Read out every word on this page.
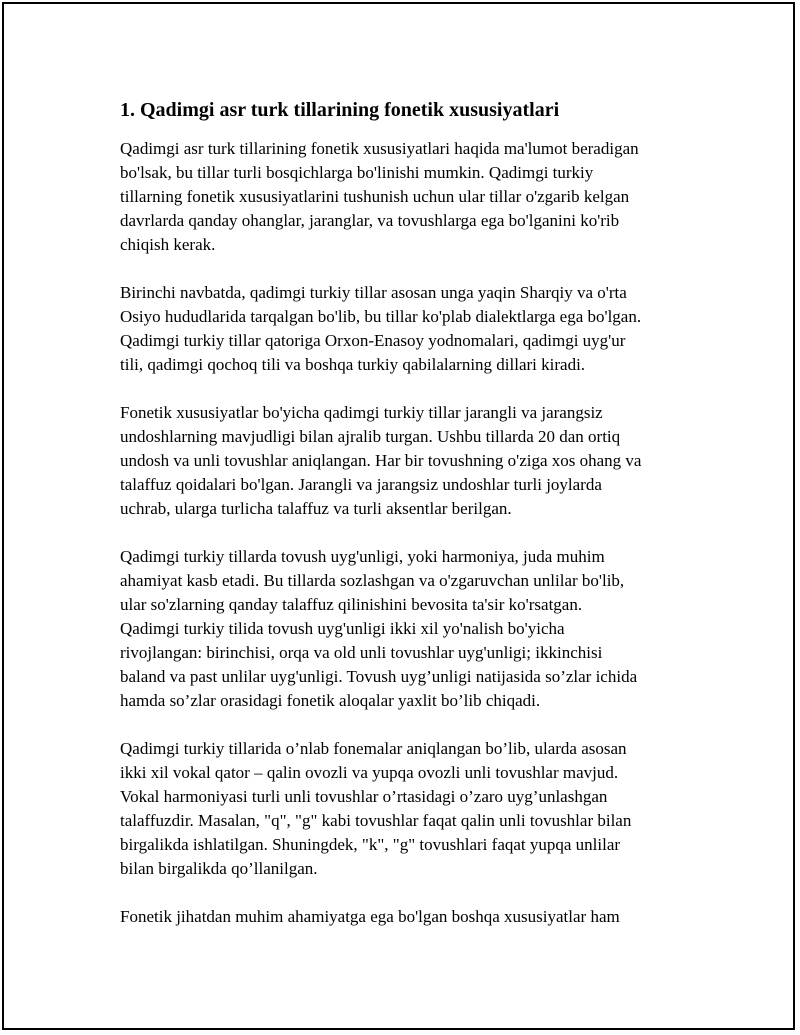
1. Qadimgi asr turk tillarining fonetik xususiyatlari
Qadimgi asr turk tillarining fonetik xususiyatlari haqida ma'lumot beradigan
bo'lsak, bu tillar turli bosqichlarga bo'linishi mumkin. Qadimgi turkiy
tillarning fonetik xususiyatlarini tushunish uchun ular tillar o'zgarib kelgan
davrlarda qanday ohanglar, jaranglar, va tovushlarga ega bo'lganini ko'rib
chiqish kerak.
Birinchi navbatda, qadimgi turkiy tillar asosan unga yaqin Sharqiy va o'rta
Osiyo hududlarida tarqalgan bo'lib, bu tillar ko'plab dialektlarga ega bo'lgan.
Qadimgi turkiy tillar qatoriga Orxon-Enasoy yodnomalari, qadimgi uyg'ur
tili, qadimgi qochoq tili va boshqa turkiy qabilalarning dillari kiradi.
Fonetik xususiyatlar bo'yicha qadimgi turkiy tillar jarangli va jarangsiz
undoshlarning mavjudligi bilan ajralib turgan. Ushbu tillarda 20 dan ortiq
undosh va unli tovushlar aniqlangan. Har bir tovushning o'ziga xos ohang va
talaffuz qoidalari bo'lgan. Jarangli va jarangsiz undoshlar turli joylarda
uchrab, ularga turlicha talaffuz va turli aksentlar berilgan.
Qadimgi turkiy tillarda tovush uyg'unligi, yoki harmoniya, juda muhim
ahamiyat kasb etadi. Bu tillarda sozlashgan va o'zgaruvchan unlilar bo'lib,
ular so'zlarning qanday talaffuz qilinishini bevosita ta'sir ko'rsatgan.
Qadimgi turkiy tilida tovush uyg'unligi ikki xil yo'nalish bo'yicha
rivojlangan: birinchisi, orqa va old unli tovushlar uyg'unligi; ikkinchisi
baland va past unlilar uyg'unligi. Tovush uyg’unligi natijasida so’zlar ichida
hamda so’zlar orasidagi fonetik aloqalar yaxlit bo’lib chiqadi.
Qadimgi turkiy tillarida o’nlab fonemalar aniqlangan bo’lib, ularda asosan
ikki xil vokal qator – qalin ovozli va yupqa ovozli unli tovushlar mavjud.
Vokal harmoniyasi turli unli tovushlar o’rtasidagi o’zaro uyg’unlashgan
talaffuzdir. Masalan, "q", "g" kabi tovushlar faqat qalin unli tovushlar bilan
birgalikda ishlatilgan. Shuningdek, "k", "g" tovushlari faqat yupqa unlilar
bilan birgalikda qo’llanilgan.
Fonetik jihatdan muhim ahamiyatga ega bo'lgan boshqa xususiyatlar ham
